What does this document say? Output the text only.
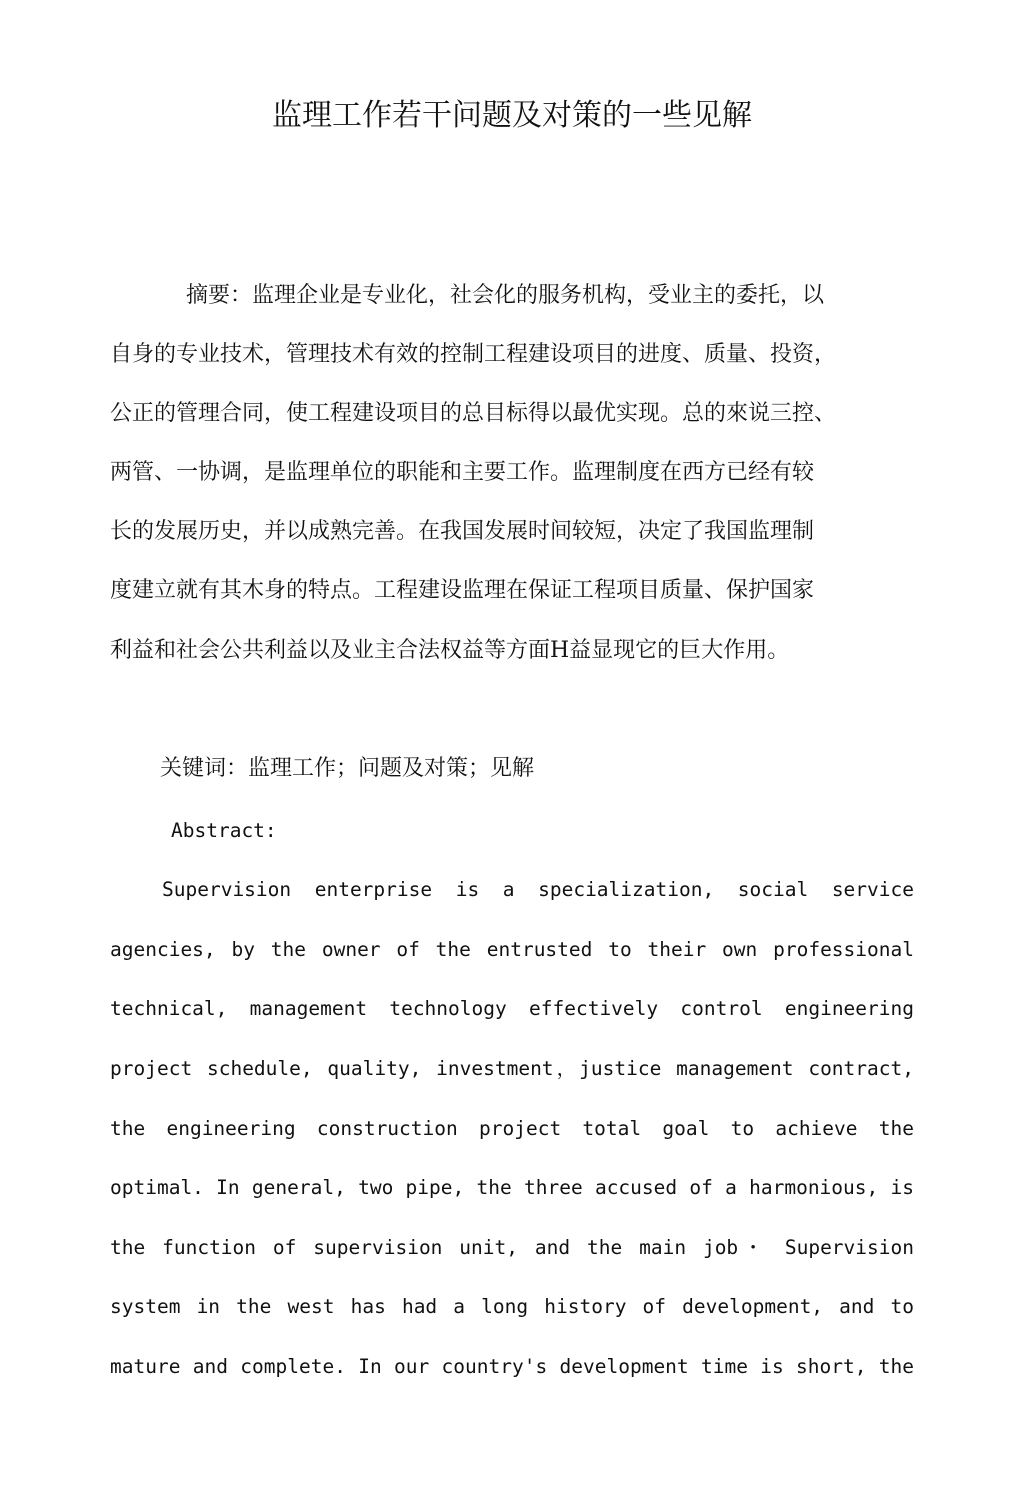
监理工作若干问题及对策的一些见解
摘要：监理企业是专业化，社会化的服务机构，受业主的委托，以
自身的专业技术，管理技术有效的控制工程建设项目的进度、质量、投资，
公正的管理合同，使工程建设项目的总目标得以最优实现。总的來说三控、
两管、一协调，是监理单位的职能和主要工作。监理制度在西方已经有较
长的发展历史，并以成熟完善。在我国发展时间较短，决定了我国监理制
度建立就有其木身的特点。工程建设监理在保证工程项目质量、保护国家
利益和社会公共利益以及业主合法权益等方面H益显现它的巨大作用。
关键词：监理工作；问题及对策；见解
Abstract:
Supervision enterprise is a specialization, social service
agencies, by the owner of the entrusted to their own professional
technical, management technology effectively control engineering
project schedule, quality, investment，justice management contract,
the engineering construction project total goal to achieve the
optimal. In general, two pipe, the three accused of a harmonious, is
the function of supervision unit, and the main job・ Supervision
system in the west has had a long history of development, and to
mature and complete. In our country's development time is short, the
